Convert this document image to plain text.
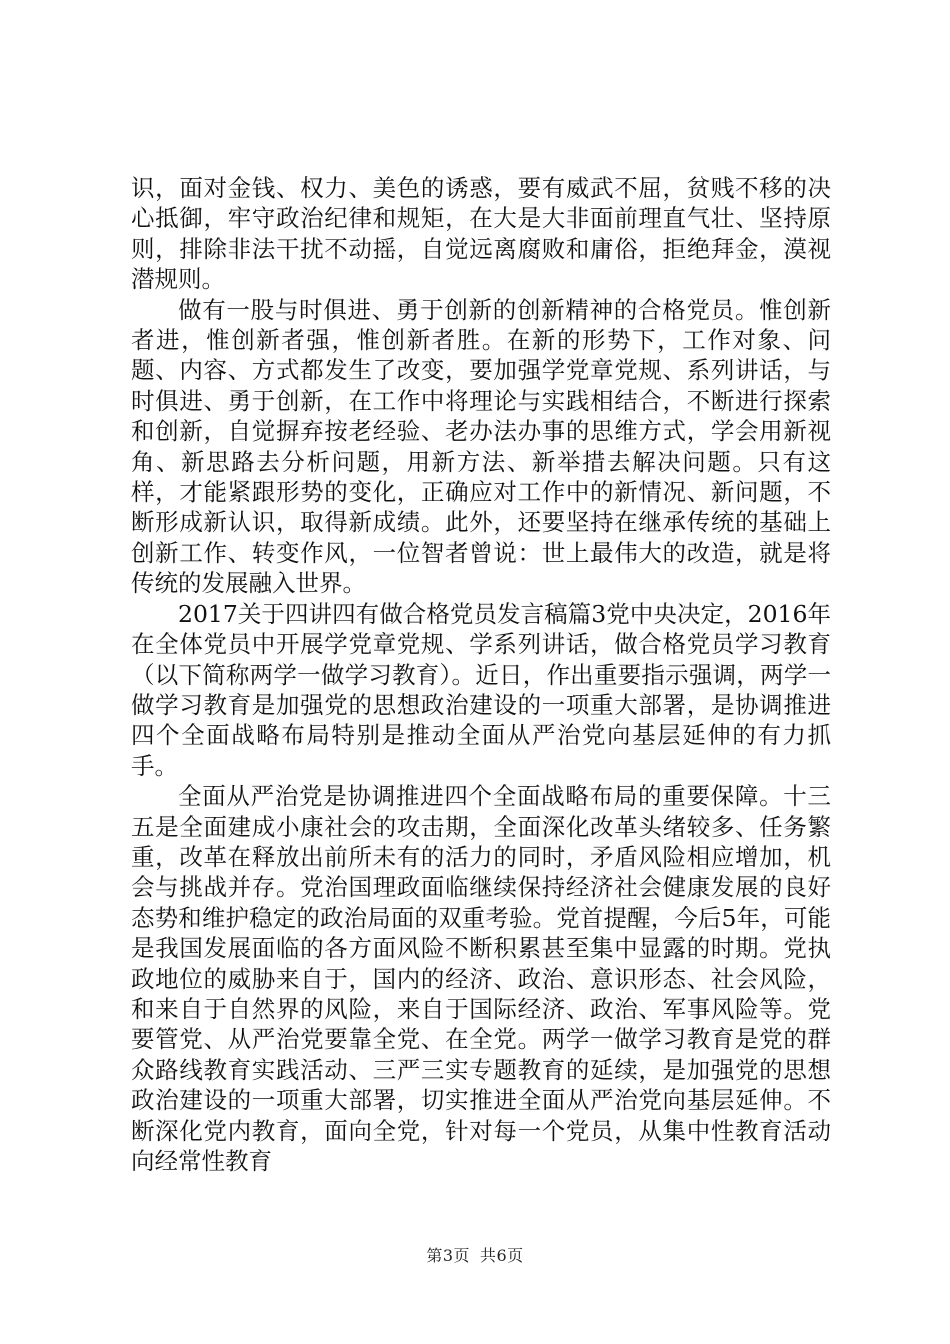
识，面对金钱、权力、美色的诱惑，要有威武不屈，贫贱不移的决心抵御，牢守政治纪律和规矩，在大是大非面前理直气壮、坚持原则，排除非法干扰不动摇，自觉远离腐败和庸俗，拒绝拜金，漠视潜规则。

做有一股与时俱进、勇于创新的创新精神的合格党员。惟创新者进，惟创新者强，惟创新者胜。在新的形势下，工作对象、问题、内容、方式都发生了改变，要加强学党章党规、系列讲话，与时俱进、勇于创新，在工作中将理论与实践相结合，不断进行探索和创新，自觉摒弃按老经验、老办法办事的思维方式，学会用新视角、新思路去分析问题，用新方法、新举措去解决问题。只有这样，才能紧跟形势的变化，正确应对工作中的新情况、新问题，不断形成新认识，取得新成绩。此外，还要坚持在继承传统的基础上创新工作、转变作风，一位智者曾说：世上最伟大的改造，就是将传统的发展融入世界。

2017关于四讲四有做合格党员发言稿篇3党中央决定，2016年在全体党员中开展学党章党规、学系列讲话，做合格党员学习教育（以下简称两学一做学习教育）。近日，作出重要指示强调，两学一做学习教育是加强党的思想政治建设的一项重大部署，是协调推进四个全面战略布局特别是推动全面从严治党向基层延伸的有力抓手。

全面从严治党是协调推进四个全面战略布局的重要保障。十三五是全面建成小康社会的攻击期，全面深化改革头绪较多、任务繁重，改革在释放出前所未有的活力的同时，矛盾风险相应增加，机会与挑战并存。党治国理政面临继续保持经济社会健康发展的良好态势和维护稳定的政治局面的双重考验。党首提醒，今后5年，可能是我国发展面临的各方面风险不断积累甚至集中显露的时期。党执政地位的威胁来自于，国内的经济、政治、意识形态、社会风险，和来自于自然界的风险，来自于国际经济、政治、军事风险等。党要管党、从严治党要靠全党、在全党。两学一做学习教育是党的群众路线教育实践活动、三严三实专题教育的延续，是加强党的思想政治建设的一项重大部署，切实推进全面从严治党向基层延伸。不断深化党内教育，面向全党，针对每一个党员，从集中性教育活动向经常性教育

第3页 共6页
